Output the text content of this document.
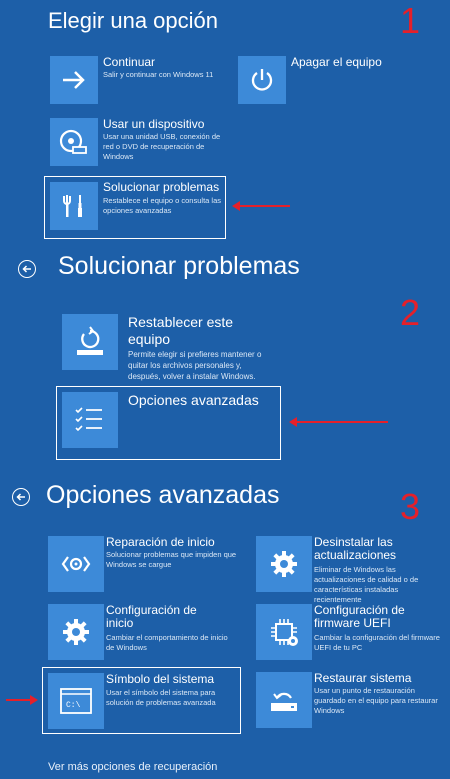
Elegir una opción	1
Continuar
Salir y continuar con Windows 11
Apagar el equipo
Usar un dispositivo
Usar una unidad USB, conexión de red o DVD de recuperación de Windows
Solucionar problemas
Restablece el equipo o consulta las opciones avanzadas
Solucionar problemas
2
Restablecer este equipo
Permite elegir si prefieres mantener o quitar los archivos personales y, después, volver a instalar Windows.
Opciones avanzadas
Opciones avanzadas	3
Reparación de inicio
Solucionar problemas que impiden que Windows se cargue
Desinstalar las actualizaciones
Eliminar de Windows las actualizaciones de calidad o de características instaladas recientemente
Configuración de inicio
Cambiar el comportamiento de inicio de Windows
Configuración de firmware UEFI
Cambiar la configuración del firmware UEFI de tu PC
C:\
Símbolo del sistema
Usar el símbolo del sistema para solución de problemas avanzada
Restaurar sistema
Usar un punto de restauración guardado en el equipo para restaurar Windows
Ver más opciones de recuperación
